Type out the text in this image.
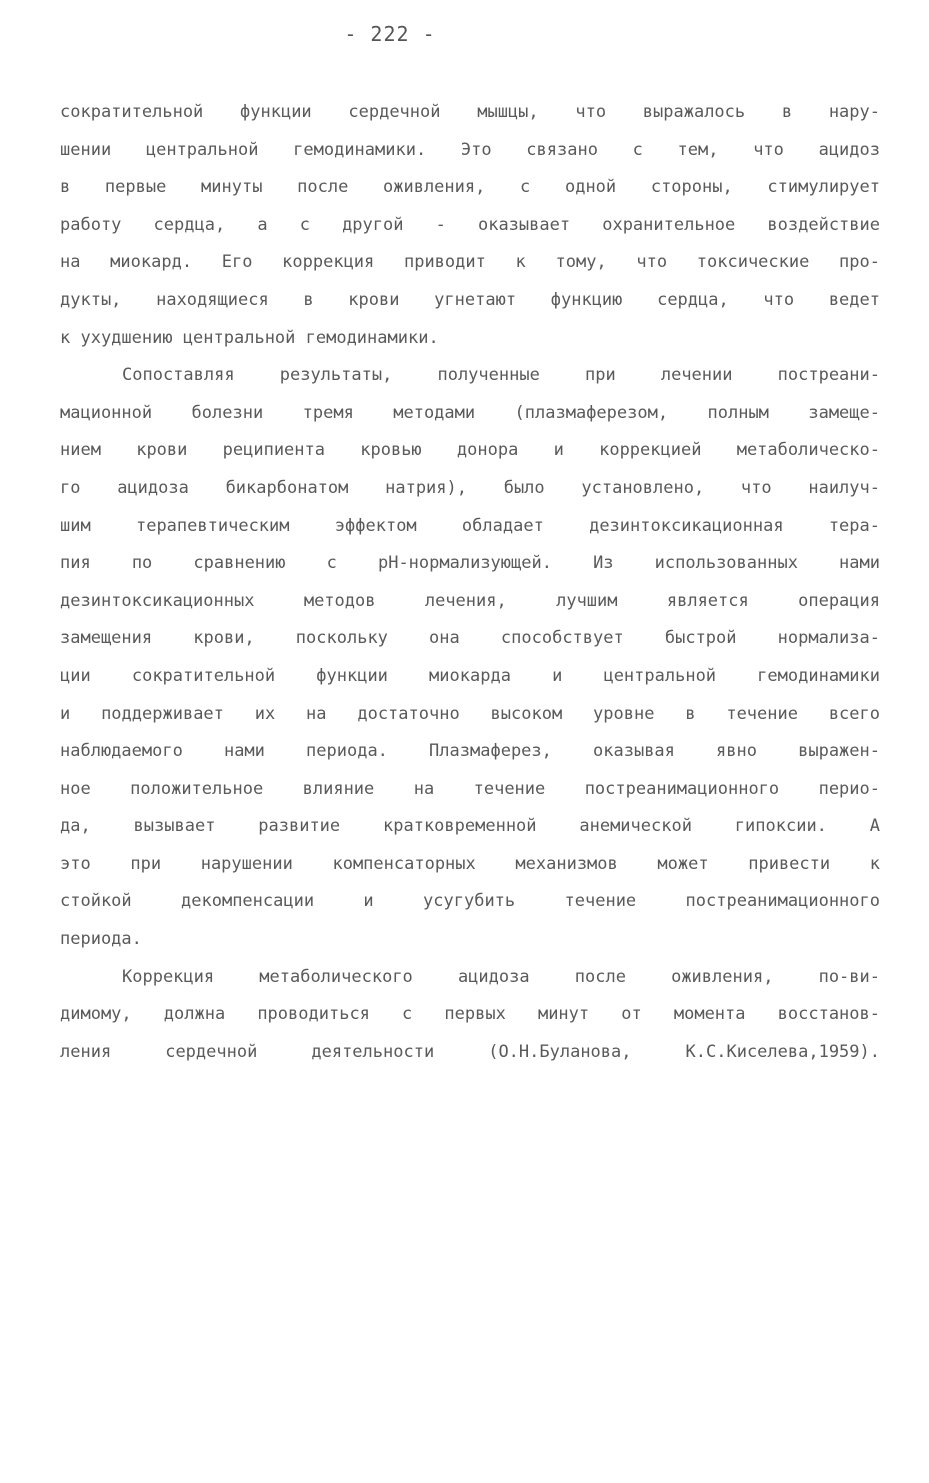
- 222 -
сократительной функции сердечной мышцы, что выражалось в нару-
шении центральной гемодинамики. Это связано с тем, что ацидоз
в первые минуты после оживления, с одной стороны, стимулирует
работу сердца, а с другой - оказывает охранительное воздействие
на миокард. Его коррекция приводит к тому, что токсические про-
дукты, находящиеся в крови угнетают функцию сердца, что ведет
к ухудшению центральной гемодинамики.
Сопоставляя результаты, полученные при лечении постреани-
мационной болезни тремя методами (плазмаферезом, полным замеще-
нием крови реципиента кровью донора и коррекцией метаболическо-
го ацидоза бикарбонатом натрия), было установлено, что наилуч-
шим терапевтическим эффектом обладает дезинтоксикационная тера-
пия по сравнению с pH-нормализующей. Из использованных нами
дезинтоксикационных методов лечения, лучшим является операция
замещения крови, поскольку она способствует быстрой нормализа-
ции сократительной функции миокарда и центральной гемодинамики
и поддерживает их на достаточно высоком уровне в течение всего
наблюдаемого нами периода. Плазмаферез, оказывая явно выражен-
ное положительное влияние на течение постреанимационного перио-
да, вызывает развитие кратковременной анемической гипоксии. А
это при нарушении компенсаторных механизмов может привести к
стойкой декомпенсации и усугубить течение постреанимационного
периода.
Коррекция метаболического ацидоза после оживления, по-ви-
димому, должна проводиться с первых минут от момента восстанов-
ления сердечной деятельности (О.Н.Буланова, К.С.Киселева,1959).
